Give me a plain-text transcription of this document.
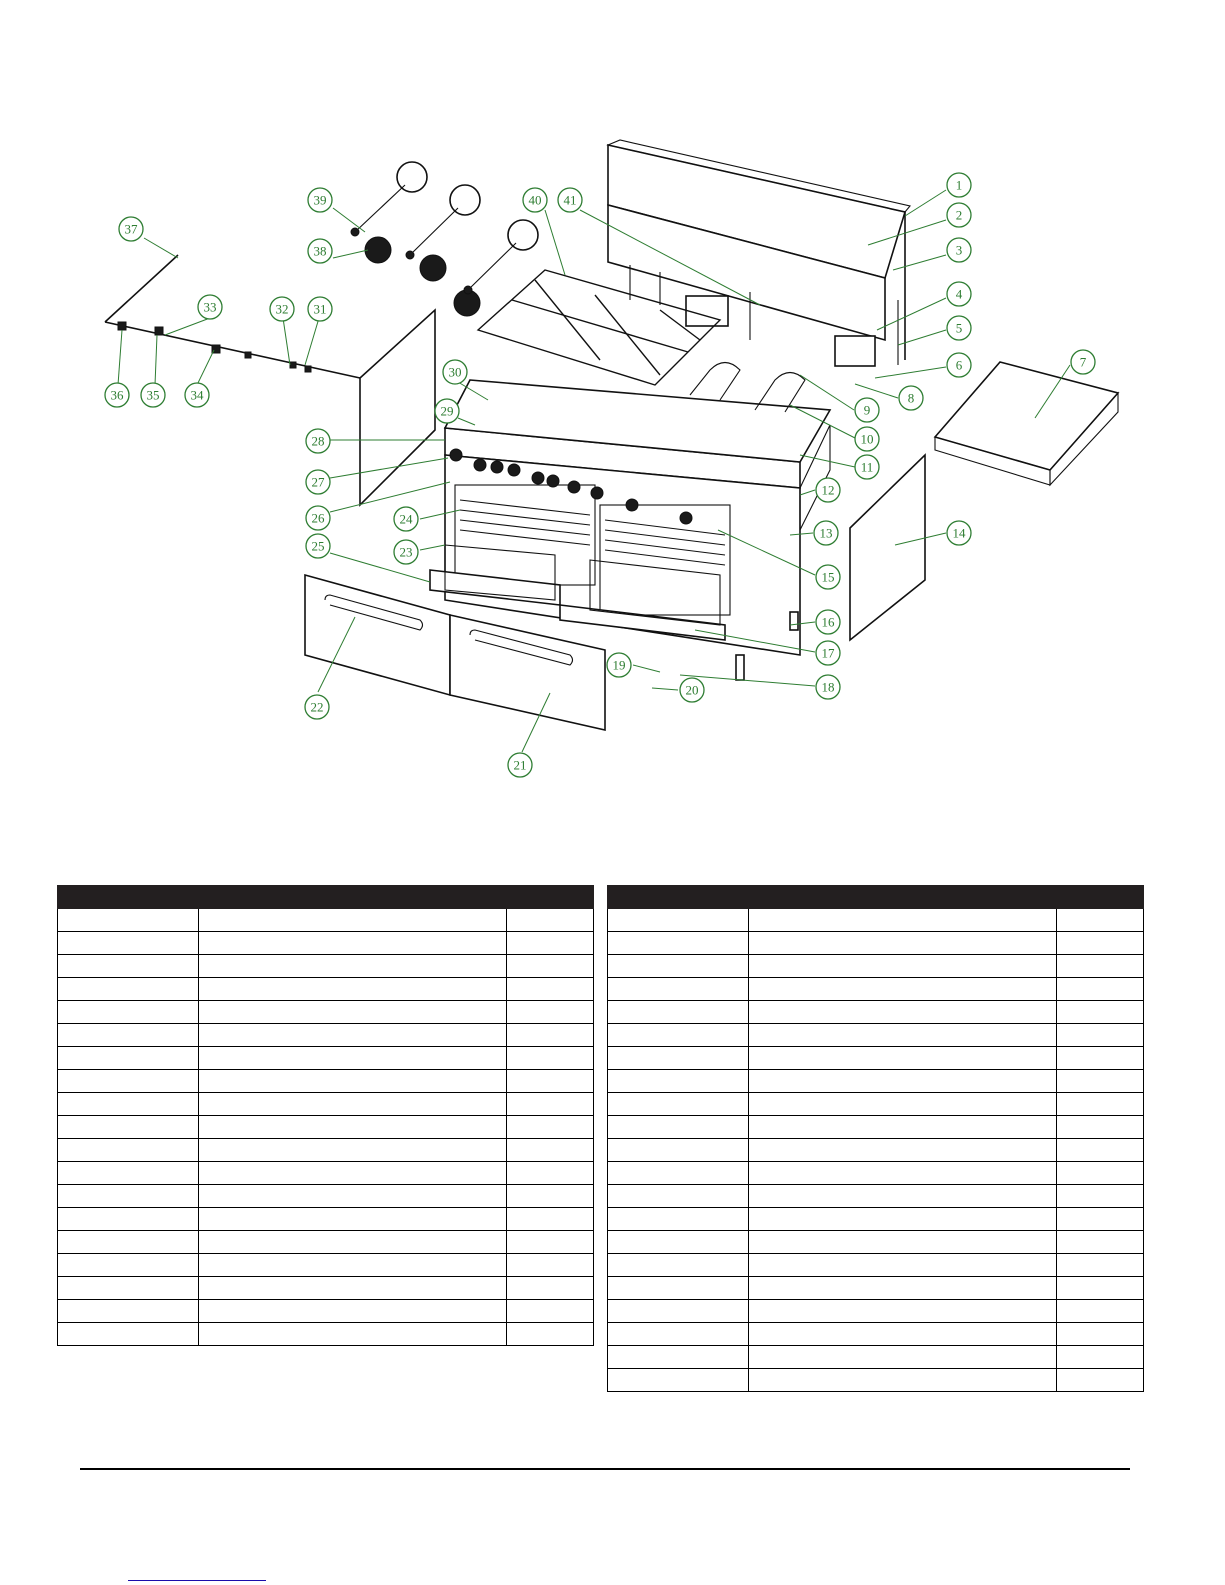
1
2
3
4
5
6	7
8
9
10
11
12
13	14
15
16
17
18
19
20
21
22
23
24
25
26
27
28
29
30
31
32
33
34
35
36
37
38
39	40 41
